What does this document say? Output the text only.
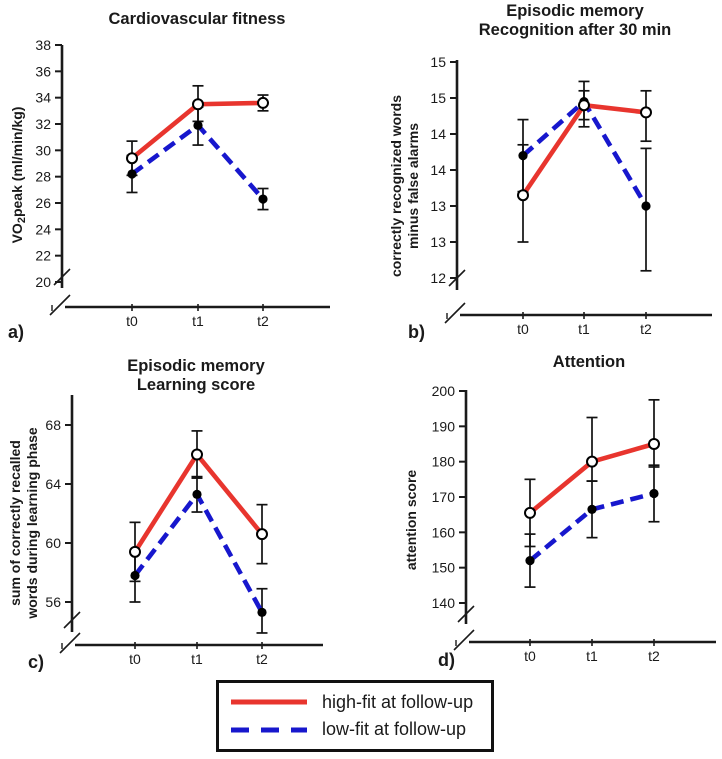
38
36
34
32
30
28
26
24
22
20
t0	t1	t2
Cardiovascular fitness
$VO_2peak$ (ml/min/kg)
a)
15
15
14
14
13
13
12
t0	t1	t2
Episodic memory
Recognition after 30 min
correctly recognized words minus false alarms
b)
68
64
60
56
t0	t1	t2
Episodic memory
Learning score
sum of correctly recalled words during learning phase
c)
200
190
180
170
160
150
140
t0	t1	t2
Attention
attention score
d)
high-fit at follow-up
low-fit at follow-up
